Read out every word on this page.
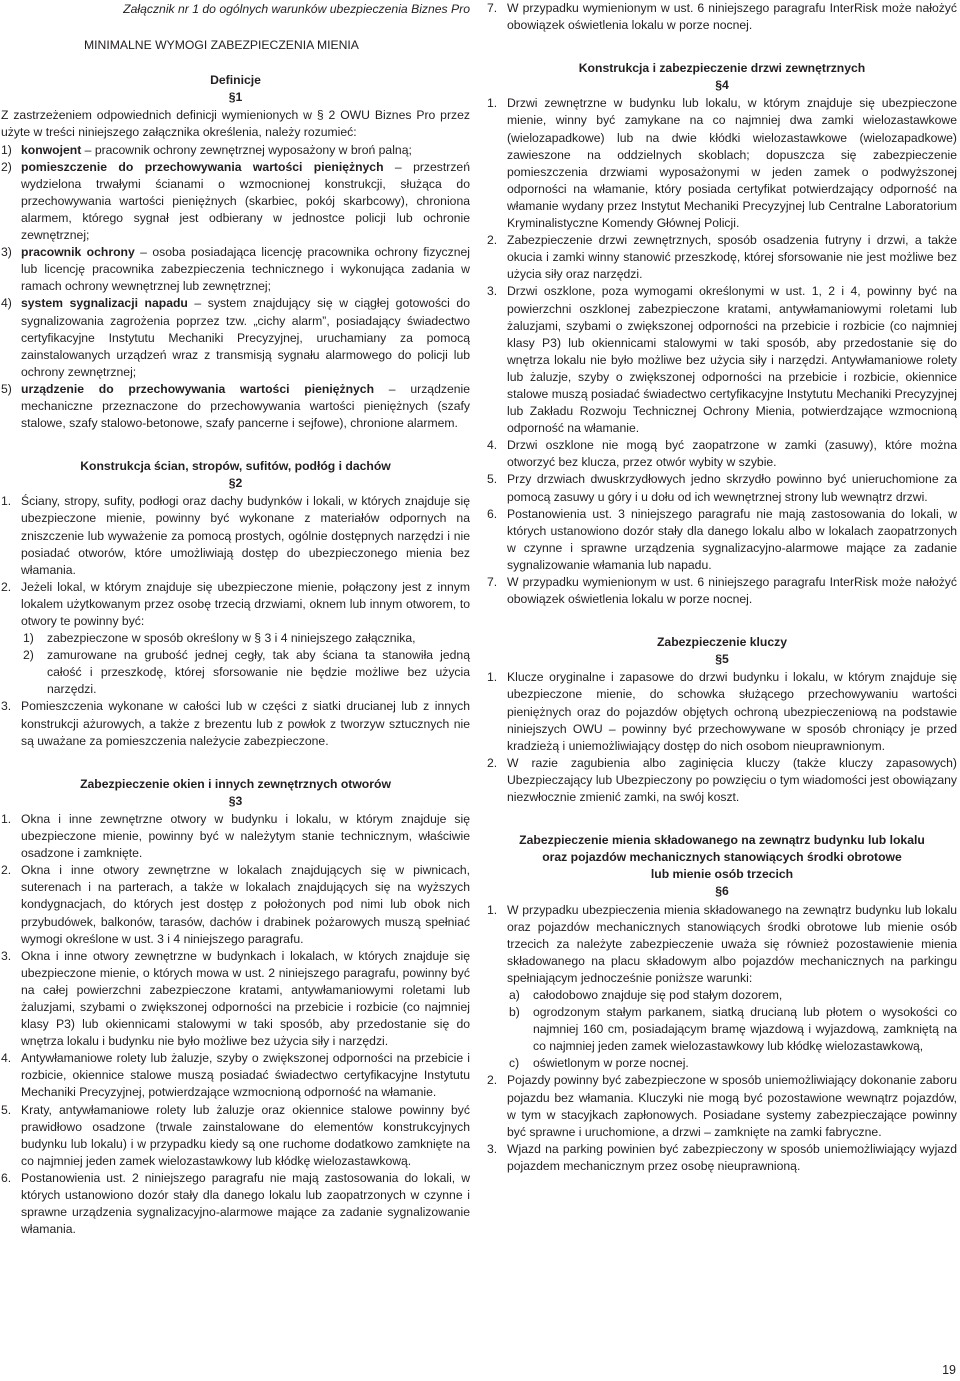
Załącznik nr 1 do ogólnych warunków ubezpieczenia Biznes Pro
MINIMALNE WYMOGI ZABEZPIECZENIA MIENIA
Definicje
§1

Z zastrzeżeniem odpowiednich definicji wymienionych w § 2 OWU Biznes Pro przez użyte w treści niniejszego załącznika określenia, należy rozumieć:

1) konwojent – pracownik ochrony zewnętrznej wyposażony w broń palną;
2) pomieszczenie do przechowywania wartości pieniężnych – przestrzeń wydzielona trwałymi ścianami o wzmocnionej konstrukcji, służąca do przechowywania wartości pieniężnych (skarbiec, pokój skarbcowy), chroniona alarmem, którego sygnał jest odbierany w jednostce policji lub ochronie zewnętrznej;
3) pracownik ochrony – osoba posiadająca licencję pracownika ochrony fizycznej lub licencję pracownika zabezpieczenia technicznego i wykonująca zadania w ramach ochrony wewnętrznej lub zewnętrznej;
4) system sygnalizacji napadu – system znajdujący się w ciągłej gotowości do sygnalizowania zagrożenia poprzez tzw. „cichy alarm”, posiadający świadectwo certyfikacyjne Instytutu Mechaniki Precyzyjnej, uruchamiany za pomocą zainstalowanych urządzeń wraz z transmisją sygnału alarmowego do policji lub ochrony zewnętrznej;
5) urządzenie do przechowywania wartości pieniężnych – urządzenie mechaniczne przeznaczone do przechowywania wartości pieniężnych (szafy stalowe, szafy stalowo-betonowe, szafy pancerne i sejfowe), chronione alarmem.
Konstrukcja ścian, stropów, sufitów, podłóg i dachów
§2
1. Ściany, stropy, sufity, podłogi oraz dachy budynków i lokali, w których znajduje się ubezpieczone mienie, powinny być wykonane z materiałów odpornych na zniszczenie lub wyważenie za pomocą prostych, ogólnie dostępnych narzędzi i nie posiadać otworów, które umożliwiają dostęp do ubezpieczonego mienia bez włamania.
2. Jeżeli lokal, w którym znajduje się ubezpieczone mienie, połączony jest z innym lokalem użytkowanym przez osobę trzecią drzwiami, oknem lub innym otworem, to otwory te powinny być:
1)	zabezpieczone w sposób określony w § 3 i 4 niniejszego załącznika,
2)	zamurowane na grubość jednej cegły, tak aby ściana ta stanowiła jedną całość i przeszkodę, której sforsowanie nie będzie możliwe bez użycia narzędzi.
3. Pomieszczenia wykonane w całości lub w części z siatki drucianej lub z innych konstrukcji ażurowych, a także z brezentu lub z powłok z tworzyw sztucznych nie są uważane za pomieszczenia należycie zabezpieczone.
Zabezpieczenie okien i innych zewnętrznych otworów
§3
1. Okna i inne zewnętrzne otwory w budynku i lokalu, w którym znajduje się ubezpieczone mienie, powinny być w należytym stanie technicznym, właściwie osadzone i zamknięte.
2. Okna i inne otwory zewnętrzne w lokalach znajdujących się w piwnicach, suterenach i na parterach, a także w lokalach znajdujących się na wyższych kondygnacjach, do których jest dostęp z położonych pod nimi lub obok nich przybudówek, balkonów, tarasów, dachów i drabinek pożarowych muszą spełniać wymogi określone w ust. 3 i 4 niniejszego paragrafu.
3. Okna i inne otwory zewnętrzne w budynkach i lokalach, w których znajduje się ubezpieczone mienie, o których mowa w ust. 2 niniejszego paragrafu, powinny być na całej powierzchni zabezpieczone kratami, antywłamaniowymi roletami lub żaluzjami, szybami o zwiększonej odporności na przebicie i rozbicie (co najmniej klasy P3) lub okiennicami stalowymi w taki sposób, aby przedostanie się do wnętrza lokalu i budynku nie było możliwe bez użycia siły i narzędzi.
4. Antywłamaniowe rolety lub żaluzje, szyby o zwiększonej odporności na przebicie i rozbicie, okiennice stalowe muszą posiadać świadectwo certyfikacyjne Instytutu Mechaniki Precyzyjnej, potwierdzające wzmocnioną odporność na włamanie.
5. Kraty, antywłamaniowe rolety lub żaluzje oraz okiennice stalowe powinny być prawidłowo osadzone (trwale zainstalowane do elementów konstrukcyjnych budynku lub lokalu) i w przypadku kiedy są one ruchome dodatkowo zamknięte na co najmniej jeden zamek wielozastawkowy lub kłódkę wielozastawkową.
6. Postanowienia ust. 2 niniejszego paragrafu nie mają zastosowania do lokali, w których ustanowiono dozór stały dla danego lokalu lub zaopatrzonych w czynne i sprawne urządzenia sygnalizacyjno-alarmowe mające za zadanie sygnalizowanie włamania.
7. W przypadku wymienionym w ust. 6 niniejszego paragrafu InterRisk może nałożyć obowiązek oświetlenia lokalu w porze nocnej.
Konstrukcja i zabezpieczenie drzwi zewnętrznych
§4
1. Drzwi zewnętrzne w budynku lub lokalu, w którym znajduje się ubezpieczone mienie, winny być zamykane na co najmniej dwa zamki wielozastawkowe (wielozapadkowe) lub na dwie kłódki wielozastawkowe (wielozapadkowe) zawieszone na oddzielnych skoblach; dopuszcza się zabezpieczenie pomieszczenia drzwiami wyposażonymi w jeden zamek o podwyższonej odporności na włamanie, który posiada certyfikat potwierdzający odporność na włamanie wydany przez Instytut Mechaniki Precyzyjnej lub Centralne Laboratorium Kryminalistyczne Komendy Głównej Policji.
2. Zabezpieczenie drzwi zewnętrznych, sposób osadzenia futryny i drzwi, a także okucia i zamki winny stanowić przeszkodę, której sforsowanie nie jest możliwe bez użycia siły oraz narzędzi.
3. Drzwi oszklone, poza wymogami określonymi w ust. 1, 2 i 4, powinny być na powierzchni oszklonej zabezpieczone kratami, antywłamaniowymi roletami lub żaluzjami, szybami o zwiększonej odporności na przebicie i rozbicie (co najmniej klasy P3) lub okiennicami stalowymi w taki sposób, aby przedostanie się do wnętrza lokalu nie było możliwe bez użycia siły i narzędzi. Antywłamaniowe rolety lub żaluzje, szyby o zwiększonej odporności na przebicie i rozbicie, okiennice stalowe muszą posiadać świadectwo certyfikacyjne Instytutu Mechaniki Precyzyjnej lub Zakładu Rozwoju Technicznej Ochrony Mienia, potwierdzające wzmocnioną odporność na włamanie.
4. Drzwi oszklone nie mogą być zaopatrzone w zamki (zasuwy), które można otworzyć bez klucza, przez otwór wybity w szybie.
5. Przy drzwiach dwuskrzydłowych jedno skrzydło powinno być unieruchomione za pomocą zasuwy u góry i u dołu od ich wewnętrznej strony lub wewnątrz drzwi.
6. Postanowienia ust. 3 niniejszego paragrafu nie mają zastosowania do lokali, w których ustanowiono dozór stały dla danego lokalu albo w lokalach zaopatrzonych w czynne i sprawne urządzenia sygnalizacyjno-alarmowe mające za zadanie sygnalizowanie włamania lub napadu.
7. W przypadku wymienionym w ust. 6 niniejszego paragrafu InterRisk może nałożyć obowiązek oświetlenia lokalu w porze nocnej.
Zabezpieczenie kluczy
§5
1. Klucze oryginalne i zapasowe do drzwi budynku i lokalu, w którym znajduje się ubezpieczone mienie, do schowka służącego przechowywaniu wartości pieniężnych oraz do pojazdów objętych ochroną ubezpieczeniową na podstawie niniejszych OWU – powinny być przechowywane w sposób chroniący je przed kradzieżą i uniemożliwiający dostęp do nich osobom nieuprawnionym.
2. W razie zagubienia albo zaginięcia kluczy (także kluczy zapasowych) Ubezpieczający lub Ubezpieczony po powzięciu o tym wiadomości jest obowiązany niezwłocznie zmienić zamki, na swój koszt.
Zabezpieczenie mienia składowanego na zewnątrz budynku lub lokalu
oraz pojazdów mechanicznych stanowiących środki obrotowe
lub mienie osób trzecich
§6
1. W przypadku ubezpieczenia mienia składowanego na zewnątrz budynku lub lokalu oraz pojazdów mechanicznych stanowiących środki obrotowe lub mienie osób trzecich za należyte zabezpieczenie uważa się również pozostawienie mienia składowanego na placu składowym albo pojazdów mechanicznych na parkingu spełniającym jednocześnie poniższe warunki:
a)	całodobowo znajduje się pod stałym dozorem,
b)	ogrodzonym stałym parkanem, siatką drucianą lub płotem o wysokości co najmniej 160 cm, posiadającym bramę wjazdową i wyjazdową, zamkniętą na co najmniej jeden zamek wielozastawkowy lub kłódkę wielozastawkową,
c)	oświetlonym w porze nocnej.
2. Pojazdy powinny być zabezpieczone w sposób uniemożliwiający dokonanie zaboru pojazdu bez włamania. Kluczyki nie mogą być pozostawione wewnątrz pojazdów, w tym w stacyjkach zapłonowych. Posiadane systemy zabezpieczające powinny być sprawne i uruchomione, a drzwi – zamknięte na zamki fabryczne.
3. Wjazd na parking powinien być zabezpieczony w sposób uniemożliwiający wyjazd pojazdem mechanicznym przez osobę nieuprawnioną.
19
